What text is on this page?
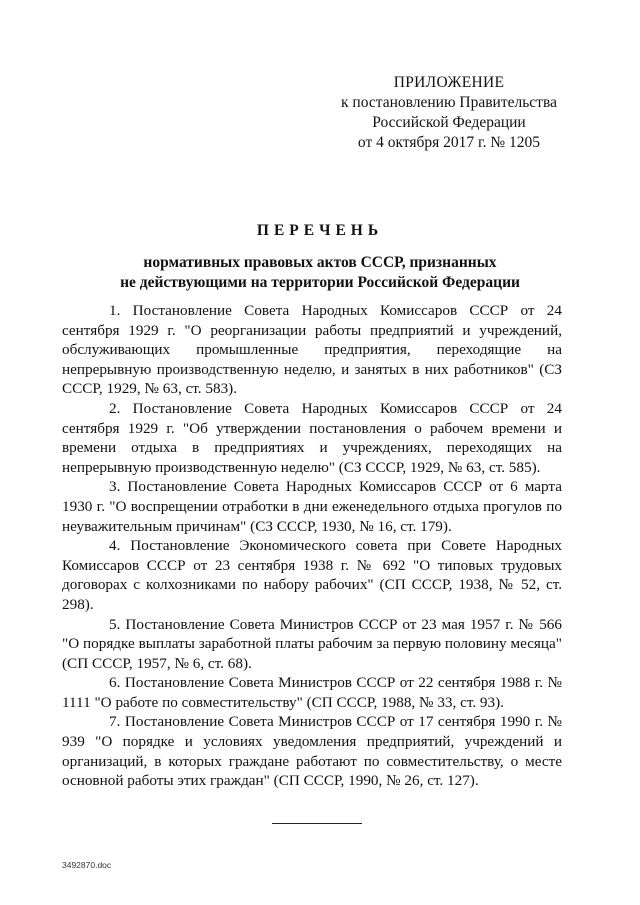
ПРИЛОЖЕНИЕ
к постановлению Правительства
Российской Федерации
от 4 октября 2017 г. № 1205
ПЕРЕЧЕНЬ
нормативных правовых актов СССР, признанных
не действующими на территории Российской Федерации

1. Постановление Совета Народных Комиссаров СССР от 24 сентября 1929 г. "О реорганизации работы предприятий и учреждений, обслуживающих промышленные предприятия, переходящие на непрерывную производственную неделю, и занятых в них работников" (СЗ СССР, 1929, № 63, ст. 583).

2. Постановление Совета Народных Комиссаров СССР от 24 сентября 1929 г. "Об утверждении постановления о рабочем времени и времени отдыха в предприятиях и учреждениях, переходящих на непрерывную производственную неделю" (СЗ СССР, 1929, № 63, ст. 585).

3. Постановление Совета Народных Комиссаров СССР от 6 марта 1930 г. "О воспрещении отработки в дни еженедельного отдыха прогулов по неуважительным причинам" (СЗ СССР, 1930, № 16, ст. 179).

4. Постановление Экономического совета при Совете Народных Комиссаров СССР от 23 сентября 1938 г. № 692 "О типовых трудовых договорах с колхозниками по набору рабочих" (СП СССР, 1938, № 52, ст. 298).

5. Постановление Совета Министров СССР от 23 мая 1957 г. № 566 "О порядке выплаты заработной платы рабочим за первую половину месяца" (СП СССР, 1957, № 6, ст. 68).

6. Постановление Совета Министров СССР от 22 сентября 1988 г. № 1111 "О работе по совместительству" (СП СССР, 1988, № 33, ст. 93).

7. Постановление Совета Министров СССР от 17 сентября 1990 г. № 939 "О порядке и условиях уведомления предприятий, учреждений и организаций, в которых граждане работают по совместительству, о месте основной работы этих граждан" (СП СССР, 1990, № 26, ст. 127).

3492870.doc
